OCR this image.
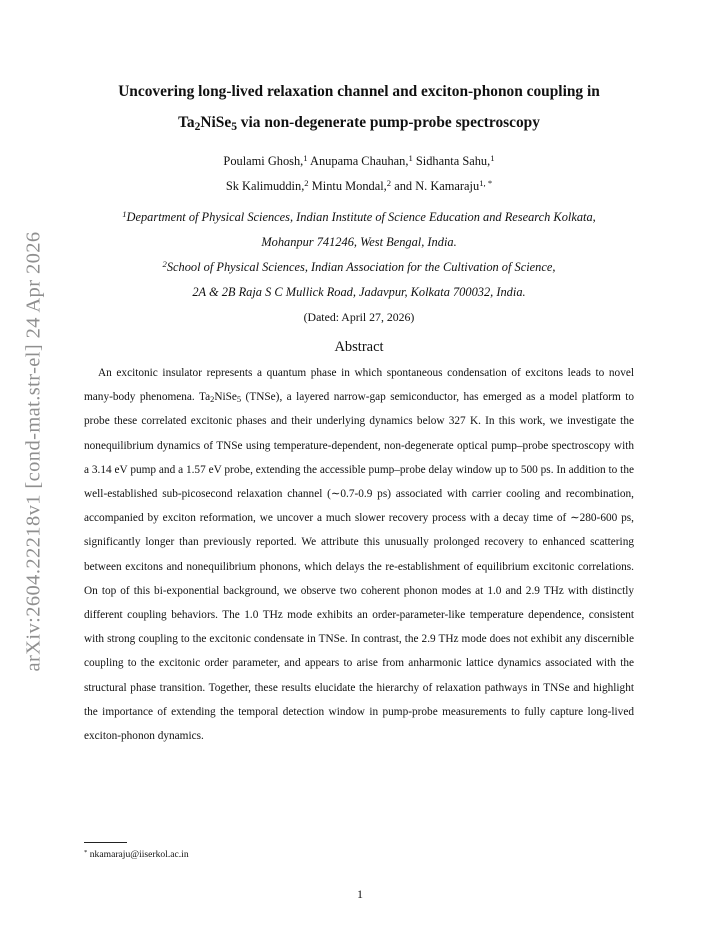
arXiv:2604.22218v1 [cond-mat.str-el] 24 Apr 2026
Uncovering long-lived relaxation channel and exciton-phonon coupling in
$Ta_2NiSe_5$ via non-degenerate pump-probe spectroscopy
Poulami Ghosh,$^1$ Anupama Chauhan,$^1$ Sidhanta Sahu,$^1$
Sk Kalimuddin,$^2$ Mintu Mondal,$^2$ and N. Kamaraju$^{1, *}$
$^1$Department of Physical Sciences, Indian Institute of Science Education and Research Kolkata,
Mohanpur 741246, West Bengal, India.
$^2$School of Physical Sciences, Indian Association for the Cultivation of Science,
2A & 2B Raja S C Mullick Road, Jadavpur, Kolkata 700032, India.
(Dated: April 27, 2026)
Abstract
An excitonic insulator represents a quantum phase in which spontaneous condensation of excitons leads to novel many-body phenomena. $Ta_2NiSe_5$ (TNSe), a layered narrow-gap semiconductor, has emerged as a model platform to probe these correlated excitonic phases and their underlying dynamics below 327 K. In this work, we investigate the nonequilibrium dynamics of TNSe using temperature-dependent, non-degenerate optical pump–probe spectroscopy with a 3.14 eV pump and a 1.57 eV probe, extending the accessible pump–probe delay window up to 500 ps. In addition to the well-established sub-picosecond relaxation channel (∼0.7-0.9 ps) associated with carrier cooling and recombination, accompanied by exciton reformation, we uncover a much slower recovery process with a decay time of ∼280-600 ps, significantly longer than previously reported. We attribute this unusually prolonged recovery to enhanced scattering between excitons and nonequilibrium phonons, which delays the re-establishment of equilibrium excitonic correlations. On top of this bi-exponential background, we observe two coherent phonon modes at 1.0 and 2.9 THz with distinctly different coupling behaviors. The 1.0 THz mode exhibits an order-parameter-like temperature dependence, consistent with strong coupling to the excitonic condensate in TNSe. In contrast, the 2.9 THz mode does not exhibit any discernible coupling to the excitonic order parameter, and appears to arise from anharmonic lattice dynamics associated with the structural phase transition. Together, these results elucidate the hierarchy of relaxation pathways in TNSe and highlight the importance of extending the temporal detection window in pump-probe measurements to fully capture long-lived exciton-phonon dynamics.
* nkamaraju@iiserkol.ac.in
1
